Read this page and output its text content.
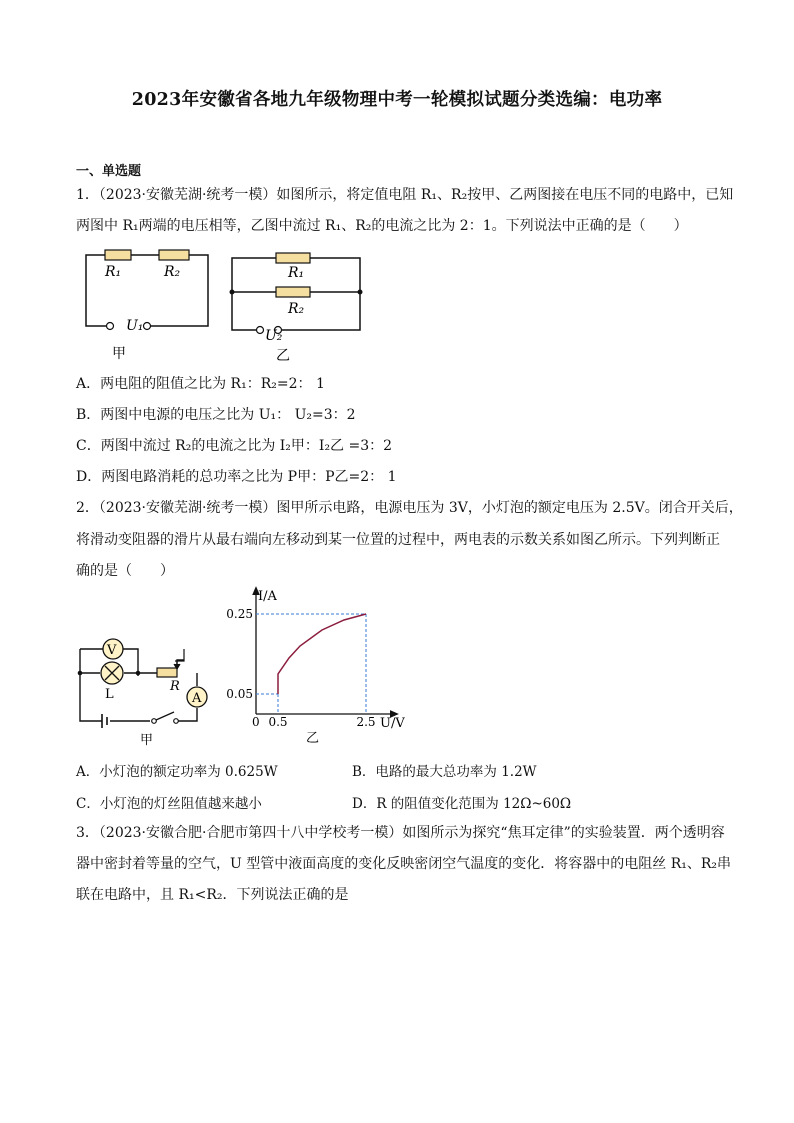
2023年安徽省各地九年级物理中考一轮模拟试题分类选编：电功率
一、单选题
1．（2023·安徽芜湖·统考一模）如图所示，将定值电阻 R₁、R₂按甲、乙两图接在电压不同的电路中，已知
两图中 R₁两端的电压相等，乙图中流过 R₁、R₂的电流之比为 2：1。下列说法中正确的是（　　）
R₁	R₂
U₁
甲
R₁
R₂
U₂
乙
A．两电阻的阻值之比为 R₁：R₂=2： 1
B．两图中电源的电压之比为 U₁： U₂=3：2
C．两图中流过 R₂的电流之比为 I₂甲：I₂乙 =3：2
D．两图电路消耗的总功率之比为 P甲：P乙=2： 1
2．（2023·安徽芜湖·统考一模）图甲所示电路，电源电压为 3V，小灯泡的额定电压为 2.5V。闭合开关后，
将滑动变阻器的滑片从最右端向左移动到某一位置的过程中，两电表的示数关系如图乙所示。下列判断正
确的是（　　）
V
L
R
A
甲
0.5	2.5
0.05
0.25
I/A
U/V
0
乙
A．小灯泡的额定功率为 0.625W	B．电路的最大总功率为 1.2W
C．小灯泡的灯丝阻值越来越小	D．R 的阻值变化范围为 12Ω~60Ω
3．（2023·安徽合肥·合肥市第四十八中学校考一模）如图所示为探究“焦耳定律”的实验装置．两个透明容
器中密封着等量的空气，U 型管中液面高度的变化反映密闭空气温度的变化．将容器中的电阻丝 R₁、R₂串
联在电路中，且 R₁<R₂．下列说法正确的是
